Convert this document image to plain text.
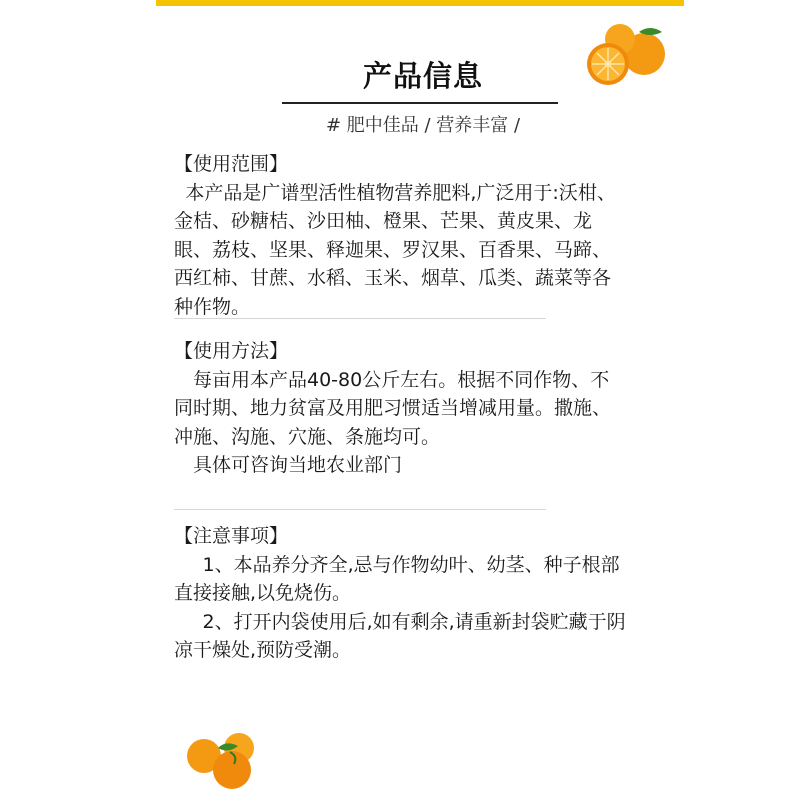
产品信息
# 肥中佳品 / 营养丰富 /

【使用范围】

本产品是广谱型活性植物营养肥料,广泛用于:沃柑、

金桔、砂糖桔、沙田柚、橙果、芒果、黄皮果、龙

眼、荔枝、坚果、释迦果、罗汉果、百香果、马蹄、

西红柿、甘蔗、水稻、玉米、烟草、瓜类、蔬菜等各

种作物。

【使用方法】

每亩用本产品40-80公斤左右。根据不同作物、不

同时期、地力贫富及用肥习惯适当增减用量。撒施、

冲施、沟施、穴施、条施均可。

具体可咨询当地农业部门

【注意事项】

1、本品养分齐全,忌与作物幼叶、幼茎、种子根部

直接接触,以免烧伤。

2、打开内袋使用后,如有剩余,请重新封袋贮藏于阴

凉干燥处,预防受潮。
